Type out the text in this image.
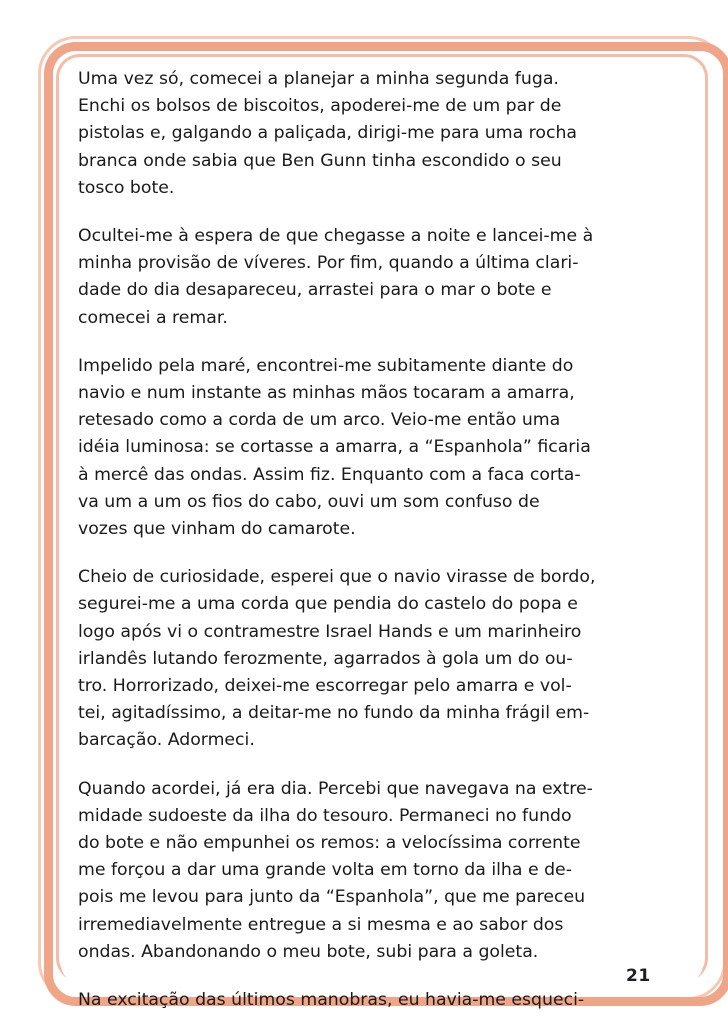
Uma vez só, comecei a planejar a minha segunda fuga.
Enchi os bolsos de biscoitos, apoderei-me de um par de
pistolas e, galgando a paliçada, dirigi-me para uma rocha
branca onde sabia que Ben Gunn tinha escondido o seu
tosco bote.

Ocultei-me à espera de que chegasse a noite e lancei-me à
minha provisão de víveres. Por fim, quando a última clari-
dade do dia desapareceu, arrastei para o mar o bote e
comecei a remar.

Impelido pela maré, encontrei-me subitamente diante do
navio e num instante as minhas mãos tocaram a amarra,
retesado como a corda de um arco. Veio-me então uma
idéia luminosa: se cortasse a amarra, a “Espanhola” ficaria
à mercê das ondas. Assim fiz. Enquanto com a faca corta-
va um a um os fios do cabo, ouvi um som confuso de
vozes que vinham do camarote.

Cheio de curiosidade, esperei que o navio virasse de bordo,
segurei-me a uma corda que pendia do castelo do popa e
logo após vi o contramestre Israel Hands e um marinheiro
irlandês lutando ferozmente, agarrados à gola um do ou-
tro. Horrorizado, deixei-me escorregar pelo amarra e vol-
tei, agitadíssimo, a deitar-me no fundo da minha frágil em-
barcação. Adormeci.

Quando acordei, já era dia. Percebi que navegava na extre-
midade sudoeste da ilha do tesouro. Permaneci no fundo
do bote e não empunhei os remos: a velocíssima corrente
me forçou a dar uma grande volta em torno da ilha e de-
pois me levou para junto da “Espanhola”, que me pareceu
irremediavelmente entregue a si mesma e ao sabor dos
ondas. Abandonando o meu bote, subi para a goleta.

Na excitação das últimos manobras, eu havia-me esqueci-

21
